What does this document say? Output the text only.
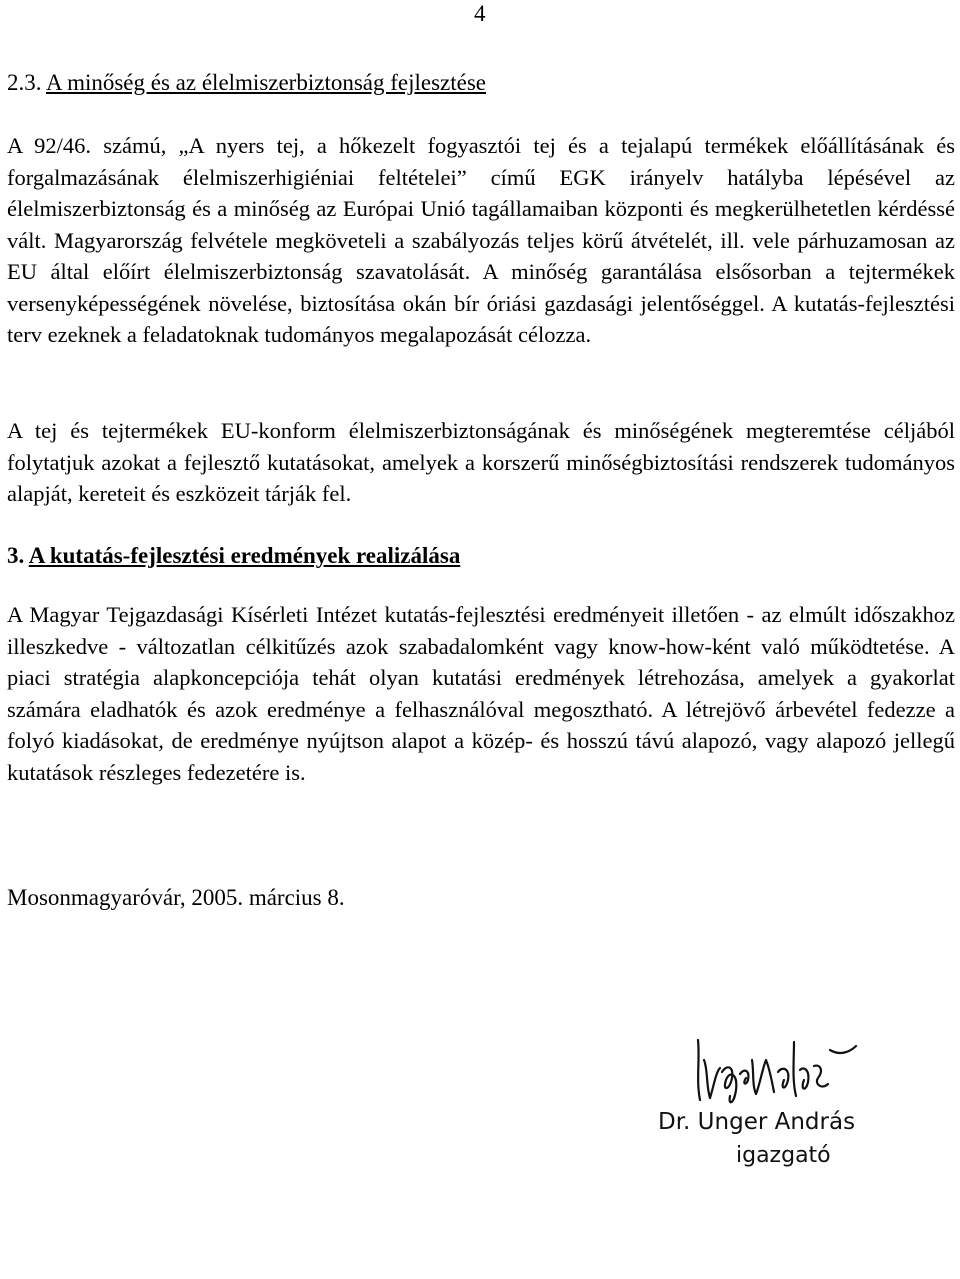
4
2.3. A minőség és az élelmiszerbiztonság fejlesztése

A 92/46. számú, „A nyers tej, a hőkezelt fogyasztói tej és a tejalapú termékek előállításának és forgalmazásának élelmiszerhigiéniai feltételei” című EGK irányelv hatályba lépésével az élelmiszerbiztonság és a minőség az Európai Unió tagállamaiban központi és megkerülhetetlen kérdéssé vált. Magyarország felvétele megköveteli a szabályozás teljes körű átvételét, ill. vele párhuzamosan az EU által előírt élelmiszerbiztonság szavatolását. A minőség garantálása elsősorban a tejtermékek versenyképességének növelése, biztosítása okán bír óriási gazdasági jelentőséggel. A kutatás-fejlesztési terv ezeknek a feladatoknak tudományos megalapozását célozza.

A tej és tejtermékek EU-konform élelmiszerbiztonságának és minőségének megteremtése céljából folytatjuk azokat a fejlesztő kutatásokat, amelyek a korszerű minőségbiztosítási rendszerek tudományos alapját, kereteit és eszközeit tárják fel.

3. A kutatás-fejlesztési eredmények realizálása

A Magyar Tejgazdasági Kísérleti Intézet kutatás-fejlesztési eredményeit illetően - az elmúlt időszakhoz illeszkedve - változatlan célkitűzés azok szabadalomként vagy know-how-ként való működtetése. A piaci stratégia alapkoncepciója tehát olyan kutatási eredmények létrehozása, amelyek a gyakorlat számára eladhatók és azok eredménye a felhasználóval megosztható. A létrejövő árbevétel fedezze a folyó kiadásokat, de eredménye nyújtson alapot a közép- és hosszú távú alapozó, vagy alapozó jellegű kutatások részleges fedezetére is.

Mosonmagyaróvár, 2005. március 8.
Dr. Unger András
igazgató
